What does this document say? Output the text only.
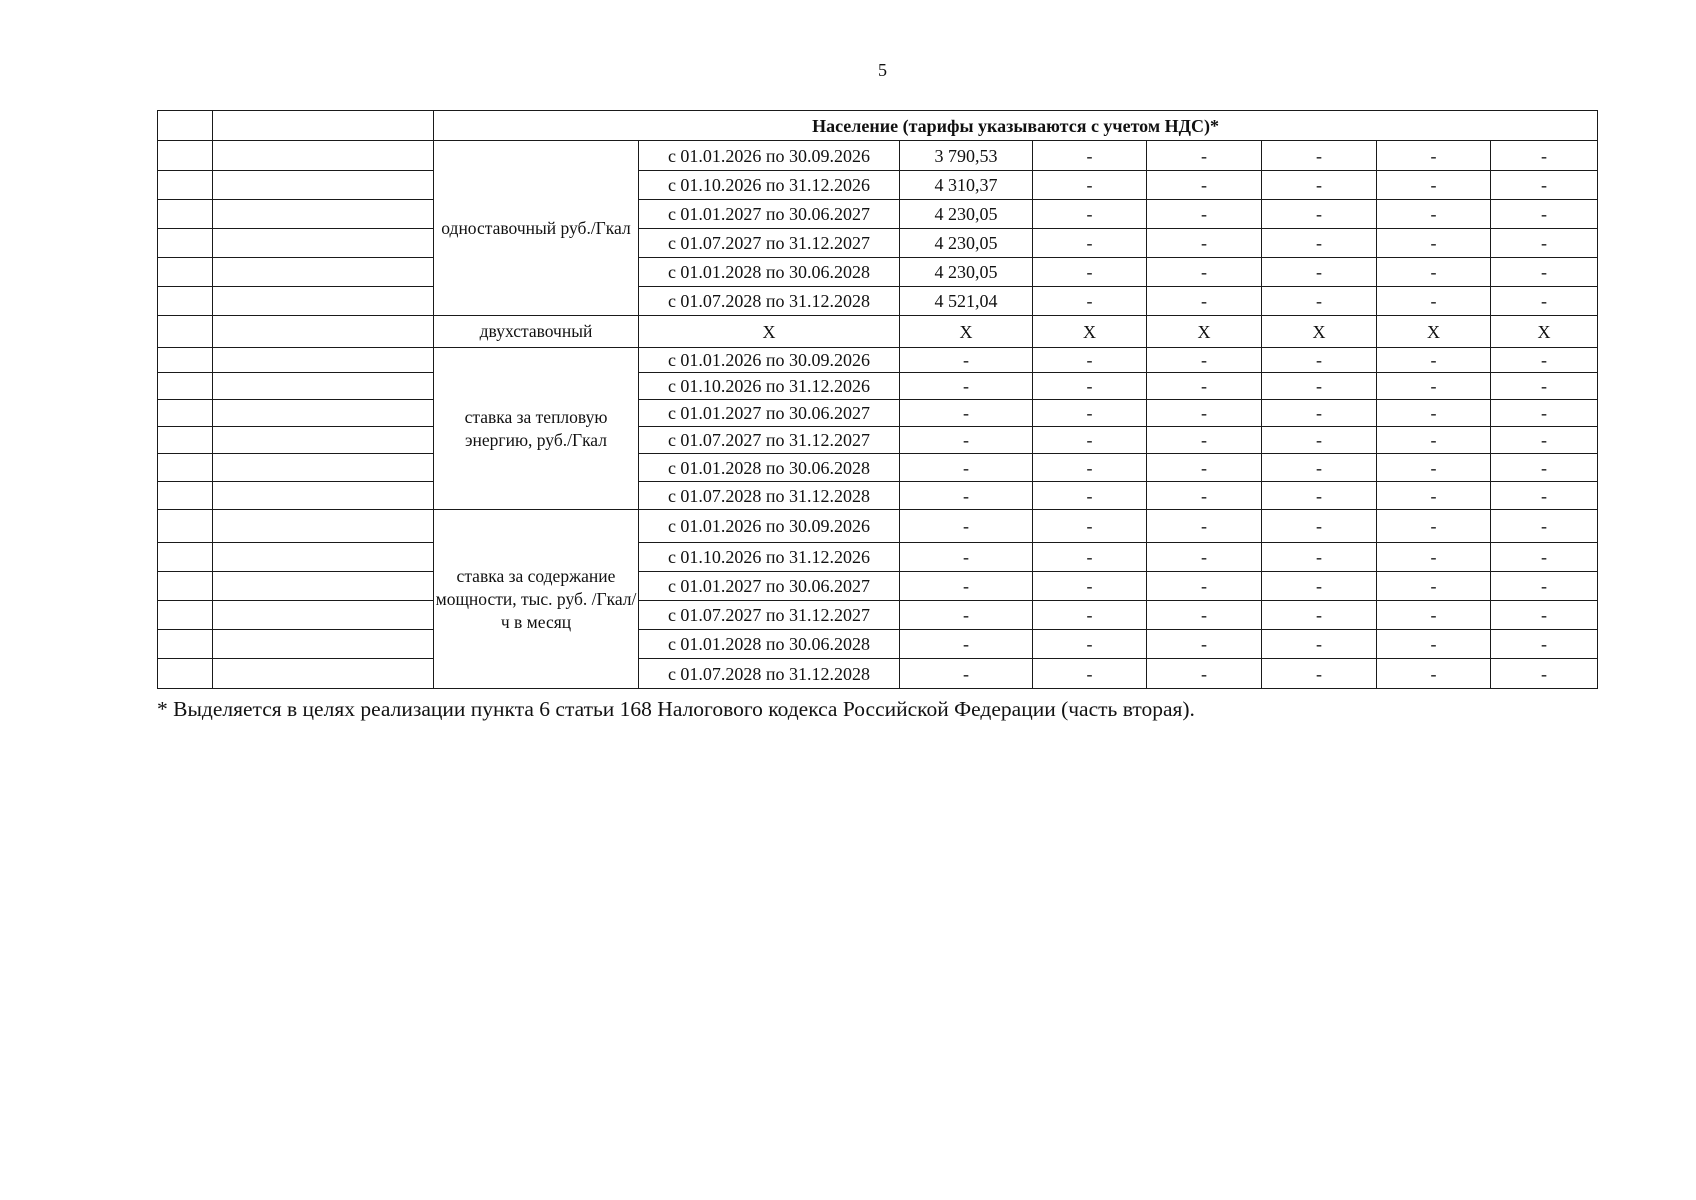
5
		Население (тарифы указываются с учетом НДС)*							
		одноставочный руб./Гкал	с 01.01.2026 по 30.09.2026	3 790,53	-	-	-	-	-
			с 01.10.2026 по 31.12.2026	4 310,37	-	-	-	-	-
			с 01.01.2027 по 30.06.2027	4 230,05	-	-	-	-	-
			с 01.07.2027 по 31.12.2027	4 230,05	-	-	-	-	-
			с 01.01.2028 по 30.06.2028	4 230,05	-	-	-	-	-
			с 01.07.2028 по 31.12.2028	4 521,04	-	-	-	-	-
		двухставочный	X	X	X	X	X	X	X
		ставка за тепловую энергию, руб./Гкал	с 01.01.2026 по 30.09.2026	-	-	-	-	-	-
			с 01.10.2026 по 31.12.2026	-	-	-	-	-	-
			с 01.01.2027 по 30.06.2027	-	-	-	-	-	-
			с 01.07.2027 по 31.12.2027	-	-	-	-	-	-
			с 01.01.2028 по 30.06.2028	-	-	-	-	-	-
			с 01.07.2028 по 31.12.2028	-	-	-	-	-	-
		ставка за содержание мощности, тыс. руб. /Гкал/ч в месяц	с 01.01.2026 по 30.09.2026	-	-	-	-	-	-
			с 01.10.2026 по 31.12.2026	-	-	-	-	-	-
			с 01.01.2027 по 30.06.2027	-	-	-	-	-	-
			с 01.07.2027 по 31.12.2027	-	-	-	-	-	-
			с 01.01.2028 по 30.06.2028	-	-	-	-	-	-
			с 01.07.2028 по 31.12.2028	-	-	-	-	-	-
* Выделяется в целях реализации пункта 6 статьи 168 Налогового кодекса Российской Федерации (часть вторая).
